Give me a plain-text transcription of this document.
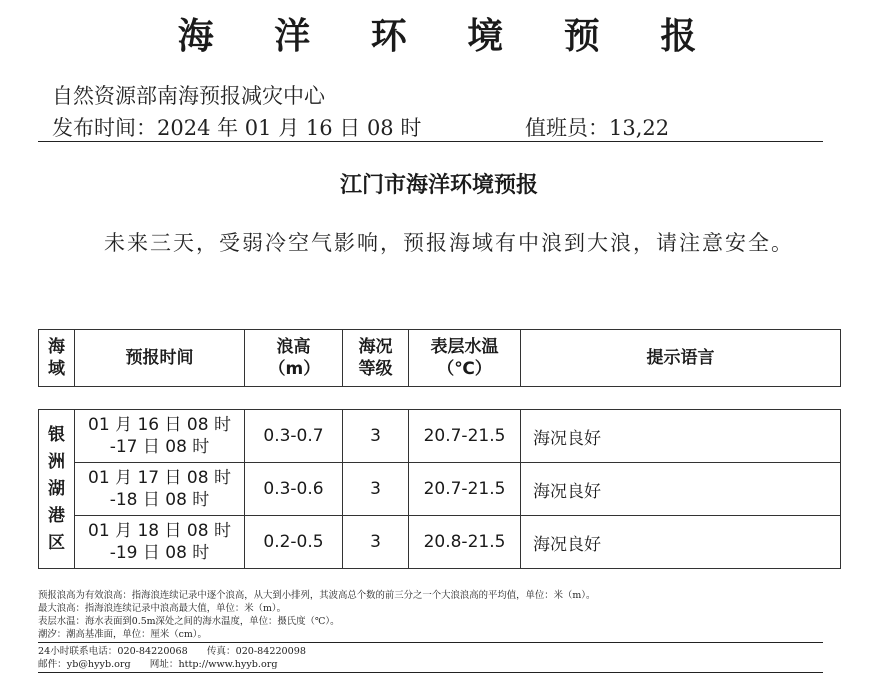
海 洋 环 境 预 报
自然资源部南海预报减灾中心
发布时间：2024 年 01 月 16 日 08 时	值班员：13,22
江门市海洋环境预报
未来三天，受弱冷空气影响，预报海域有中浪到大浪，请注意安全。
海域	预报时间	浪高（m）	海况等级	表层水温（℃）	提示语言

银洲湖港区	01 月 16 日 08 时
-17 日 08 时	0.3-0.7	3	20.7-21.5	海况良好

	01 月 17 日 08 时
-18 日 08 时	0.3-0.6	3	20.7-21.5	海况良好

	01 月 18 日 08 时
-19 日 08 时	0.2-0.5	3	20.8-21.5	海况良好
预报浪高为有效浪高：指海浪连续记录中逐个浪高，从大到小排列，其波高总个数的前三分之一个大浪浪高的平均值，单位：米（m）。
最大浪高：指海浪连续记录中浪高最大值，单位：米（m）。
表层水温：海水表面到0.5m深处之间的海水温度，单位：摄氏度（℃）。
潮汐：潮高基准面，单位：厘米（cm）。
24小时联系电话：020-84220068 传真：020-84220098
邮件：yb@hyyb.org 网址：http://www.hyyb.org
